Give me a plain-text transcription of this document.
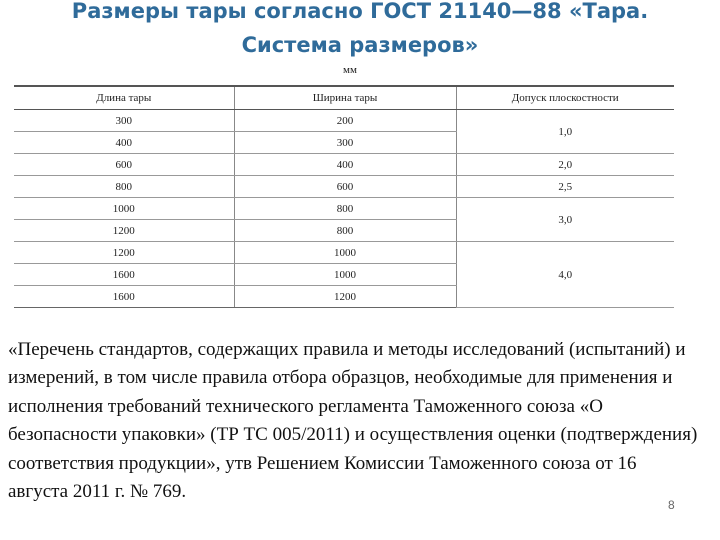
Размеры тары согласно ГОСТ 21140—88 «Тара.
Система размеров»
мм
Длина тары	Ширина тары	Допуск плоскостности
300	200	1,0
400	300	
600	400	2,0
800	600	2,5
1000	800	3,0
1200	800	
1200	1000	4,0
1600	1000	
1600	1200	
«Перечень стандартов, содержащих правила и методы исследований (испытаний) и измерений, в том числе правила отбора образцов, необходимые для применения и исполнения требований технического регламента Таможенного союза «О безопасности упаковки» (ТР ТС 005/2011) и осуществления оценки (подтверждения) соответствия продукции», утв Решением Комиссии Таможенного союза от 16 августа 2011 г. № 769.
8
